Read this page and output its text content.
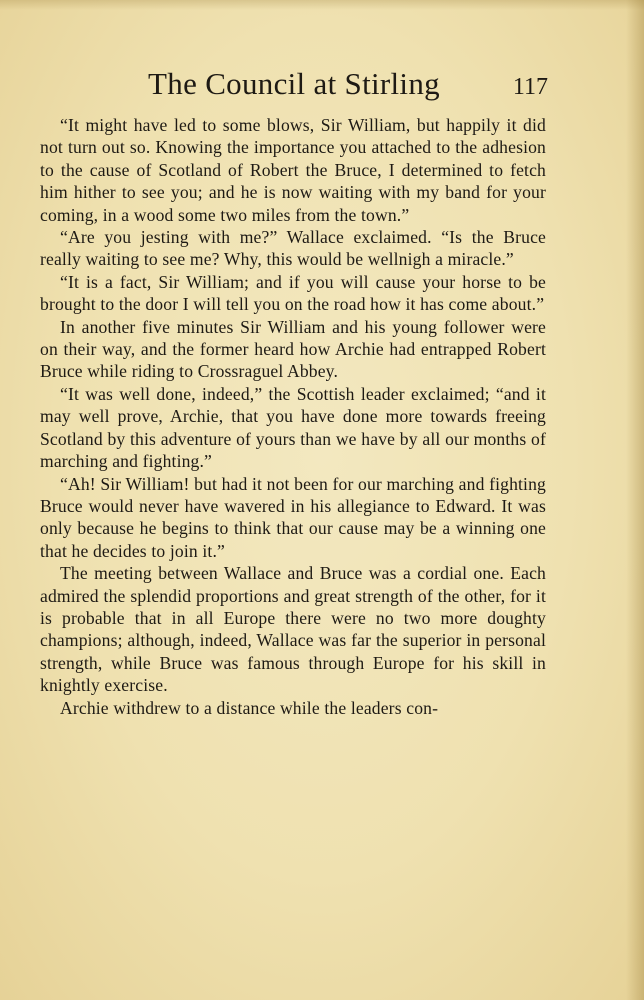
The Council at Stirling	117

“It might have led to some blows, Sir William, but happily it did not turn out so. Knowing the importance you attached to the adhesion to the cause of Scotland of Robert the Bruce, I determined to fetch him hither to see you; and he is now waiting with my band for your coming, in a wood some two miles from the town.”

“Are you jesting with me?” Wallace exclaimed. “Is the Bruce really waiting to see me? Why, this would be wellnigh a miracle.”

“It is a fact, Sir William; and if you will cause your horse to be brought to the door I will tell you on the road how it has come about.”

In another five minutes Sir William and his young follower were on their way, and the former heard how Archie had entrapped Robert Bruce while riding to Crossraguel Abbey.

“It was well done, indeed,” the Scottish leader exclaimed; “and it may well prove, Archie, that you have done more towards freeing Scotland by this adventure of yours than we have by all our months of marching and fighting.”

“Ah! Sir William! but had it not been for our marching and fighting Bruce would never have wavered in his allegiance to Edward. It was only because he begins to think that our cause may be a winning one that he decides to join it.”

The meeting between Wallace and Bruce was a cordial one. Each admired the splendid proportions and great strength of the other, for it is probable that in all Europe there were no two more doughty champions; although, indeed, Wallace was far the superior in personal strength, while Bruce was famous through Europe for his skill in knightly exercise.

Archie withdrew to a distance while the leaders con-
